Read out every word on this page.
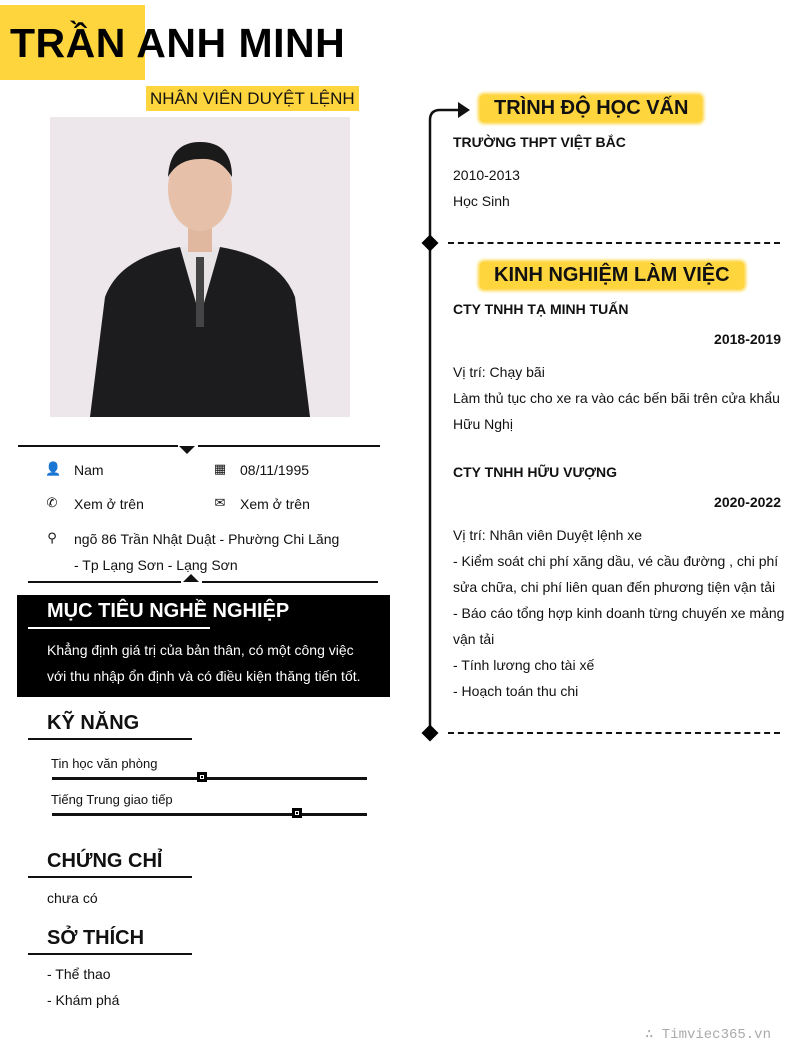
TRẦN ANH MINH
NHÂN VIÊN DUYỆT LỆNH
👤 Nam	▦ 08/11/1995
✆ Xem ở trên	✉ Xem ở trên
⚲ ngõ 86 Trần Nhật Duật - Phường Chi Lăng
- Tp Lạng Sơn - Lạng Sơn
MỤC TIÊU NGHỀ NGHIỆP

Khẳng định giá trị của bản thân, có một công việc
với thu nhập ổn định và có điều kiện thăng tiến tốt.

KỸ NĂNG
Tin học văn phòng
Tiếng Trung giao tiếp
CHỨNG CHỈ
chưa có
SỞ THÍCH
- Thể thao
- Khám phá
TRÌNH ĐỘ HỌC VẤN
TRƯỜNG THPT VIỆT BẮC
2010-2013
Học Sinh
KINH NGHIỆM LÀM VIỆC
CTY TNHH TẠ MINH TUẤN
2018-2019
Vị trí: Chạy bãi
Làm thủ tục cho xe ra vào các bến bãi trên cửa khẩu
Hữu Nghị
CTY TNHH HỮU VƯỢNG
2020-2022
Vị trí: Nhân viên Duyệt lệnh xe
- Kiểm soát chi phí xăng dầu, vé cầu đường , chi phí
sửa chữa, chi phí liên quan đến phương tiện vận tải
- Báo cáo tổng hợp kinh doanh từng chuyến xe mảng
vận tải
- Tính lương cho tài xế
- Hoạch toán thu chi
∴ Timviec365.vn
